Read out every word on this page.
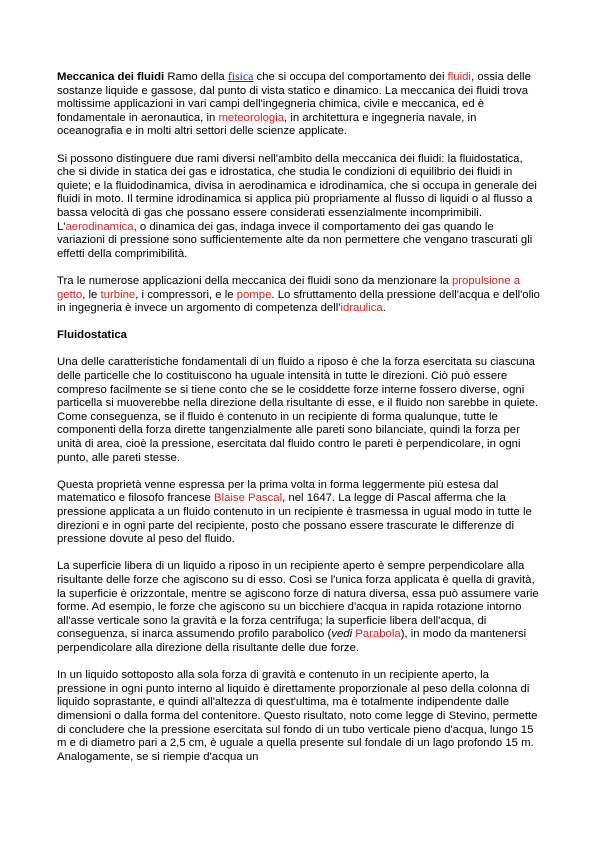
Meccanica dei fluidi Ramo della fisica che si occupa del comportamento dei fluidi, ossia delle sostanze liquide e gassose, dal punto di vista statico e dinamico. La meccanica dei fluidi trova moltissime applicazioni in vari campi dell'ingegneria chimica, civile e meccanica, ed è fondamentale in aeronautica, in meteorologia, in architettura e ingegneria navale, in oceanografia e in molti altri settori delle scienze applicate.

Si possono distinguere due rami diversi nell'ambito della meccanica dei fluidi: la fluidostatica, che si divide in statica dei gas e idrostatica, che studia le condizioni di equilibrio dei fluidi in quiete; e la fluidodinamica, divisa in aerodinamica e idrodinamica, che si occupa in generale dei fluidi in moto. Il termine idrodinamica si applica più propriamente al flusso di liquidi o al flusso a bassa velocità di gas che possano essere considerati essenzialmente incomprimibili. L'aerodinamica, o dinamica dei gas, indaga invece il comportamento dei gas quando le variazioni di pressione sono sufficientemente alte da non permettere che vengano trascurati gli effetti della comprimibilità.

Tra le numerose applicazioni della meccanica dei fluidi sono da menzionare la propulsione a getto, le turbine, i compressori, e le pompe. Lo sfruttamento della pressione dell'acqua e dell'olio in ingegneria è invece un argomento di competenza dell'idraulica.

Fluidostatica

Una delle caratteristiche fondamentali di un fluido a riposo è che la forza esercitata su ciascuna delle particelle che lo costituiscono ha uguale intensità in tutte le direzioni. Ciò può essere compreso facilmente se si tiene conto che se le cosiddette forze interne fossero diverse, ogni particella si muoverebbe nella direzione della risultante di esse, e il fluido non sarebbe in quiete. Come conseguenza, se il fluido è contenuto in un recipiente di forma qualunque, tutte le componenti della forza dirette tangenzialmente alle pareti sono bilanciate, quindi la forza per unità di area, cioè la pressione, esercitata dal fluido contro le pareti è perpendicolare, in ogni punto, alle pareti stesse.

Questa proprietà venne espressa per la prima volta in forma leggermente più estesa dal matematico e filosofo francese Blaise Pascal, nel 1647. La legge di Pascal afferma che la pressione applicata a un fluido contenuto in un recipiente è trasmessa in ugual modo in tutte le direzioni e in ogni parte del recipiente, posto che possano essere trascurate le differenze di pressione dovute al peso del fluido.

La superficie libera di un liquido a riposo in un recipiente aperto è sempre perpendicolare alla risultante delle forze che agiscono su di esso. Così se l'unica forza applicata è quella di gravità, la superficie è orizzontale, mentre se agiscono forze di natura diversa, essa può assumere varie forme. Ad esempio, le forze che agiscono su un bicchiere d'acqua in rapida rotazione intorno all'asse verticale sono la gravità e la forza centrifuga; la superficie libera dell'acqua, di conseguenza, si inarca assumendo profilo parabolico (vedi Parabola), in modo da mantenersi perpendicolare alla direzione della risultante delle due forze.

In un liquido sottoposto alla sola forza di gravità e contenuto in un recipiente aperto, la pressione in ogni punto interno al liquido è direttamente proporzionale al peso della colonna di liquido soprastante, e quindi all'altezza di quest'ultima, ma è totalmente indipendente dalle dimensioni o dalla forma del contenitore. Questo risultato, noto come legge di Stevino, permette di concludere che la pressione esercitata sul fondo di un tubo verticale pieno d'acqua, lungo 15 m e di diametro pari a 2,5 cm, è uguale a quella presente sul fondale di un lago profondo 15 m. Analogamente, se si riempie d'acqua un
